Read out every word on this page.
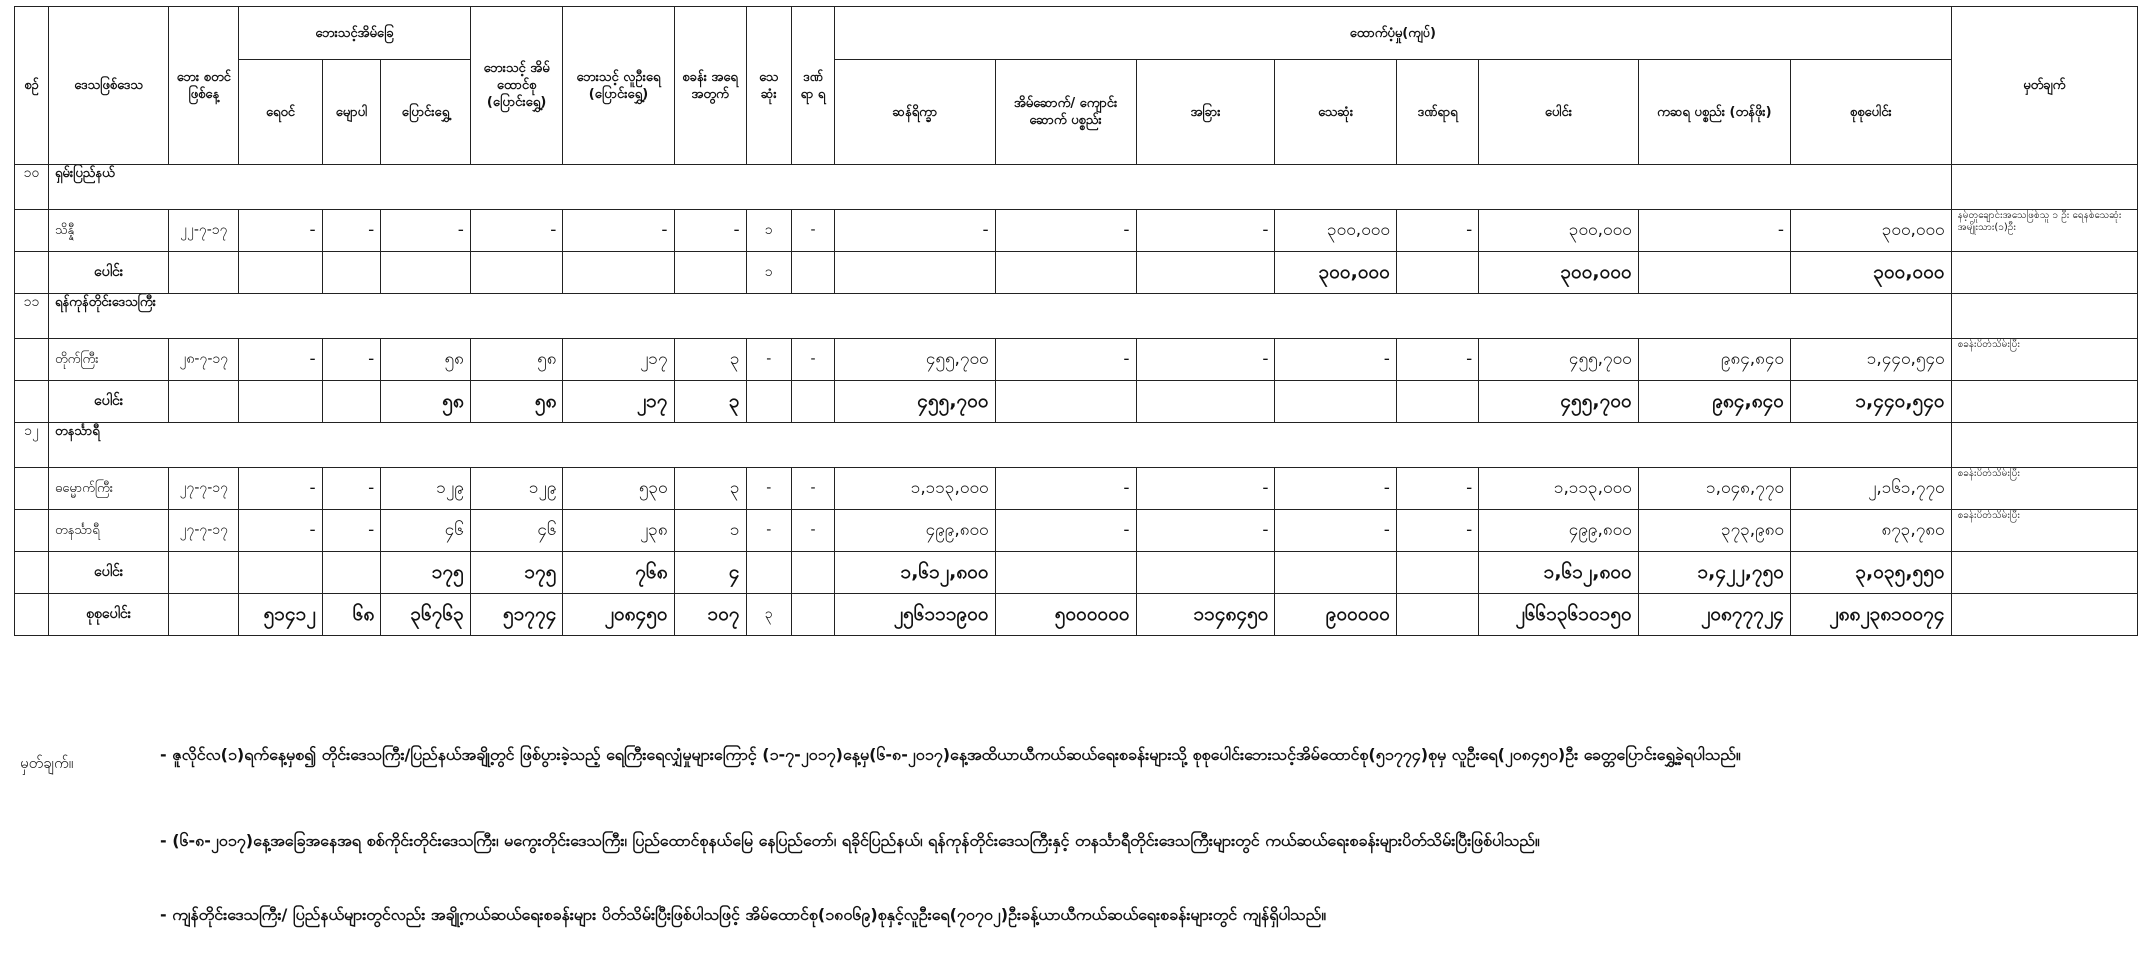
စဉ်	ဒေသဖြစ်ဒေသ	ဘေး စတင် ဖြစ်နေ့	ဘေးသင့်အိမ်ခြေ			ဘေးသင့် အိမ် ထောင်စု (ပြောင်းရွှေ့)	ဘေးသင့် လူဦးရေ (ပြောင်းရွှေ့)	စခန်း အရေ အတွက်	သေ ဆုံး	ဒဏ် ရာ ရ	ထောက်ပံ့မှု(ကျပ်)								မှတ်ချက်
			ရေဝင်	မျောပါ	ပြောင်းရွှေ့						ဆန်ရိက္ခာ	အိမ်ဆောက်/ ကျောင်းဆောက် ပစ္စည်း	အခြား	သေဆုံး	ဒဏ်ရာရ	ပေါင်း	ကဆရ ပစ္စည်း (တန်ဖိုး)	စုစုပေါင်း	
၁၀	ရှမ်းပြည်နယ်																		
	သိန္နီ	၂၂-၇-၁၇	-	-	-	-	-	-	၁	-	-	-	-	၃၀၀,၀၀၀	-	၃၀၀,၀၀၀	-	၃၀၀,၀၀၀	နမ့်တူချောင်းအသေဖြစ်သူ ၁ ဦး ရေနစ်သေဆုံး အမျိုးသား(၁)ဦး
	ပေါင်း								၁					၃၀၀,၀၀၀		၃၀၀,၀၀၀		၃၀၀,၀၀၀	
၁၁	ရန်ကုန်တိုင်းဒေသကြီး																		
	တိုက်ကြီး	၂၈-၇-၁၇	-	-	၅၈	၅၈	၂၁၇	၃	-	-	၄၅၅,၇၀၀	-	-	-	-	၄၅၅,၇၀၀	၉၈၄,၈၄၀	၁,၄၄၀,၅၄၀	စခန်းပိတ်သိမ်းပြီး
	ပေါင်း				၅၈	၅၈	၂၁၇	၃			၄၅၅,၇၀၀					၄၅၅,၇၀၀	၉၈၄,၈၄၀	၁,၄၄၀,၅၄၀	
၁၂	တနင်္သာရီ																		
	ဓမ္မောက်ကြီး	၂၇-၇-၁၇	-	-	၁၂၉	၁၂၉	၅၃၀	၃	-	-	၁,၁၁၃,၀၀၀	-	-	-	-	၁,၁၁၃,၀၀၀	၁,၀၄၈,၇၇၀	၂,၁၆၁,၇၇၀	စခန်းပိတ်သိမ်းပြီး
	တနင်္သာရီ	၂၇-၇-၁၇	-	-	၄၆	၄၆	၂၃၈	၁	-	-	၄၉၉,၈၀၀	-	-	-	-	၄၉၉,၈၀၀	၃၇၃,၉၈၀	၈၇၃,၇၈၀	စခန်းပိတ်သိမ်းပြီး
	ပေါင်း				၁၇၅	၁၇၅	၇၆၈	၄			၁,၆၁၂,၈၀၀					၁,၆၁၂,၈၀၀	၁,၄၂၂,၇၅၀	၃,၀၃၅,၅၅၀	
	စုစုပေါင်း		၅၁၄၁၂	၆၈	၃၆၇၆၃	၅၁၇၇၄	၂၀၈၄၅၀	၁၀၇	၃		၂၅၆၁၁၁၉၀၀	၅၀၀၀၀၀၀	၁၁၄၈၄၅၀	၉၀၀၀၀၀		၂၆၆၁၃၆၁၀၁၅၀	၂၀၈၇၇၇၂၄	၂၈၈၂၃၈၁၀၀၇၄	
မှတ်ချက်။	- ဇူလိုင်လ(၁)ရက်နေ့မှစ၍ တိုင်းဒေသကြီး/ပြည်နယ်အချို့တွင် ဖြစ်ပွားခဲ့သည့် ရေကြီးရေလျှံမှုများကြောင့် (၁-၇-၂၀၁၇)နေ့မှ(၆-၈-၂၀၁၇)နေ့အထိယာယီကယ်ဆယ်ရေးစခန်းများသို့ စုစုပေါင်းဘေးသင့်အိမ်ထောင်စု(၅၁၇၇၄)စုမှ လူဦးရေ(၂၀၈၄၅၀)ဦး ခေတ္တပြောင်းရွှေ့ခဲ့ရပါသည်။
- (၆-၈-၂၀၁၇)နေ့အခြေအနေအရ စစ်ကိုင်းတိုင်းဒေသကြီး၊ မကွေးတိုင်းဒေသကြီး၊ ပြည်ထောင်စုနယ်မြေ နေပြည်တော်၊ ရခိုင်ပြည်နယ်၊ ရန်ကုန်တိုင်းဒေသကြီးနှင့် တနင်္သာရီတိုင်းဒေသကြီးများတွင် ကယ်ဆယ်ရေးစခန်းများပိတ်သိမ်းပြီးဖြစ်ပါသည်။
- ကျန်တိုင်းဒေသကြီး/ ပြည်နယ်များတွင်လည်း အချို့ကယ်ဆယ်ရေးစခန်းများ ပိတ်သိမ်းပြီးဖြစ်ပါသဖြင့် အိမ်ထောင်စု(၁၈၀၆၉)စုနှင့်လူဦးရေ(၇၀၇၀၂)ဦးခန့်ယာယီကယ်ဆယ်ရေးစခန်းများတွင် ကျန်ရှိပါသည်။
